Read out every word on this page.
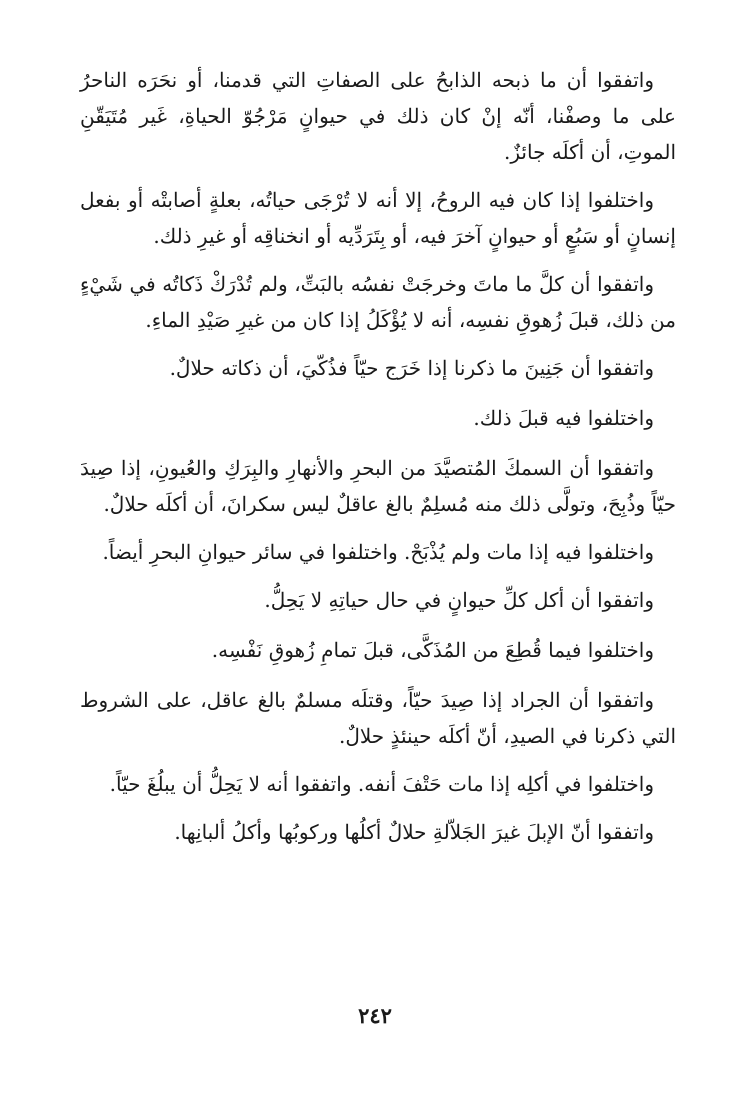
واتفقوا أن ما ذبحه الذابحُ على الصفاتِ التي قدمنا، أو نحَرَه الناحرُ على ما وصفْنا، أنّه إنْ كان ذلك في حيوانٍ مَرْجُوّ الحياةِ، غَير مُتَيَقّنِ الموتِ، أن أكلَه جائزٌ.

واختلفوا إذا كان فيه الروحُ، إلا أنه لا تُرْجَى حياتُه، بعلةٍ أصابتْه أو بفعل إنسانٍ أو سَبُعٍ أو حيوانٍ آخرَ فيه، أو بِتَرَدِّيه أو انخناقِه أو غيرِ ذلك.

واتفقوا أن كلَّ ما ماتَ وخرجَتْ نفسُه بالبَتِّ، ولم تُدْرَكْ ذَكاتُه في شَيْءٍ من ذلك، قبلَ زُهوقِ نفسِه، أنه لا يُؤْكَلُ إذا كان من غيرِ صَيْدِ الماءِ.

واتفقوا أن جَنِينَ ما ذكرنا إذا خَرَج حيّاً فذُكّيَ، أن ذكاته حلالٌ.

واختلفوا فيه قبلَ ذلك.

واتفقوا أن السمكَ المُتصيَّدَ من البحرِ والأنهارِ والبِرَكِ والعُيونِ، إذا صِيدَ حيّاً وذُبِحَ، وتولَّى ذلك منه مُسلِمٌ بالغ عاقلٌ ليس سكرانَ، أن أكلَه حلالٌ.

واختلفوا فيه إذا مات ولم يُذْبَحْ. واختلفوا في سائر حيوانِ البحرِ أيضاً.

واتفقوا أن أكل كلِّ حيوانٍ في حال حياتِهِ لا يَحِلُّ.

واختلفوا فيما قُطِعَ من المُذَكَّى، قبلَ تمامِ زُهوقِ نَفْسِه.

واتفقوا أن الجراد إذا صِيدَ حيّاً، وقتلَه مسلمٌ بالغ عاقل، على الشروط التي ذكرنا في الصيدِ، أنّ أكلَه حينئذٍ حلالٌ.

واختلفوا في أكلِه إذا مات حَتْفَ أنفه. واتفقوا أنه لا يَحِلُّ أن يبلُغَ حيّاً.

واتفقوا أنّ الإبلَ غيرَ الجَلاّلةِ حلالٌ أكلُها وركوبُها وأكلُ ألبانِها.

٢٤٢
